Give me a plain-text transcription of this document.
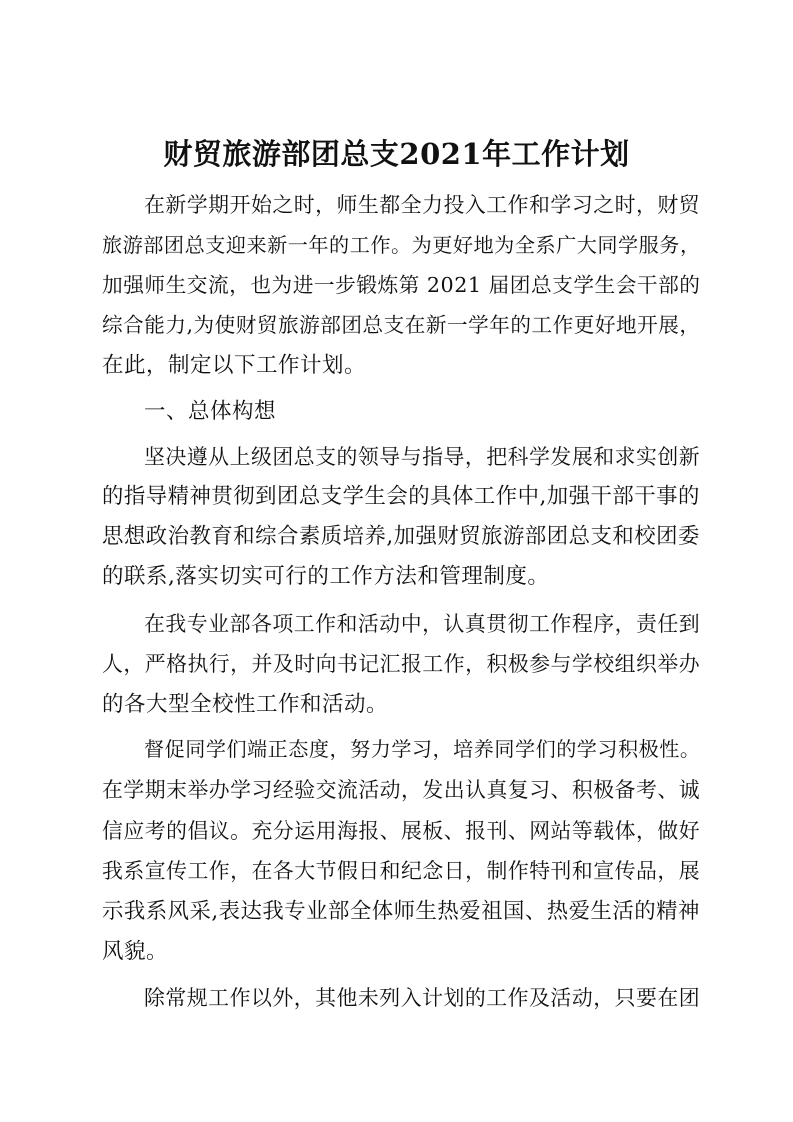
财贸旅游部团总支2021年工作计划
在新学期开始之时，师生都全力投入工作和学习之时，财贸
旅游部团总支迎来新一年的工作。为更好地为全系广大同学服务，
加强师生交流，也为进一步锻炼第 2021 届团总支学生会干部的
综合能力,为使财贸旅游部团总支在新一学年的工作更好地开展，
在此，制定以下工作计划。
一、总体构想
坚决遵从上级团总支的领导与指导，把科学发展和求实创新
的指导精神贯彻到团总支学生会的具体工作中,加强干部干事的
思想政治教育和综合素质培养,加强财贸旅游部团总支和校团委
的联系,落实切实可行的工作方法和管理制度。
在我专业部各项工作和活动中，认真贯彻工作程序，责任到
人，严格执行，并及时向书记汇报工作，积极参与学校组织举办
的各大型全校性工作和活动。
督促同学们端正态度，努力学习，培养同学们的学习积极性。
在学期末举办学习经验交流活动，发出认真复习、积极备考、诚
信应考的倡议。充分运用海报、展板、报刊、网站等载体，做好
我系宣传工作，在各大节假日和纪念日，制作特刊和宣传品，展
示我系风采,表达我专业部全体师生热爱祖国、热爱生活的精神
风貌。
除常规工作以外，其他未列入计划的工作及活动，只要在团
